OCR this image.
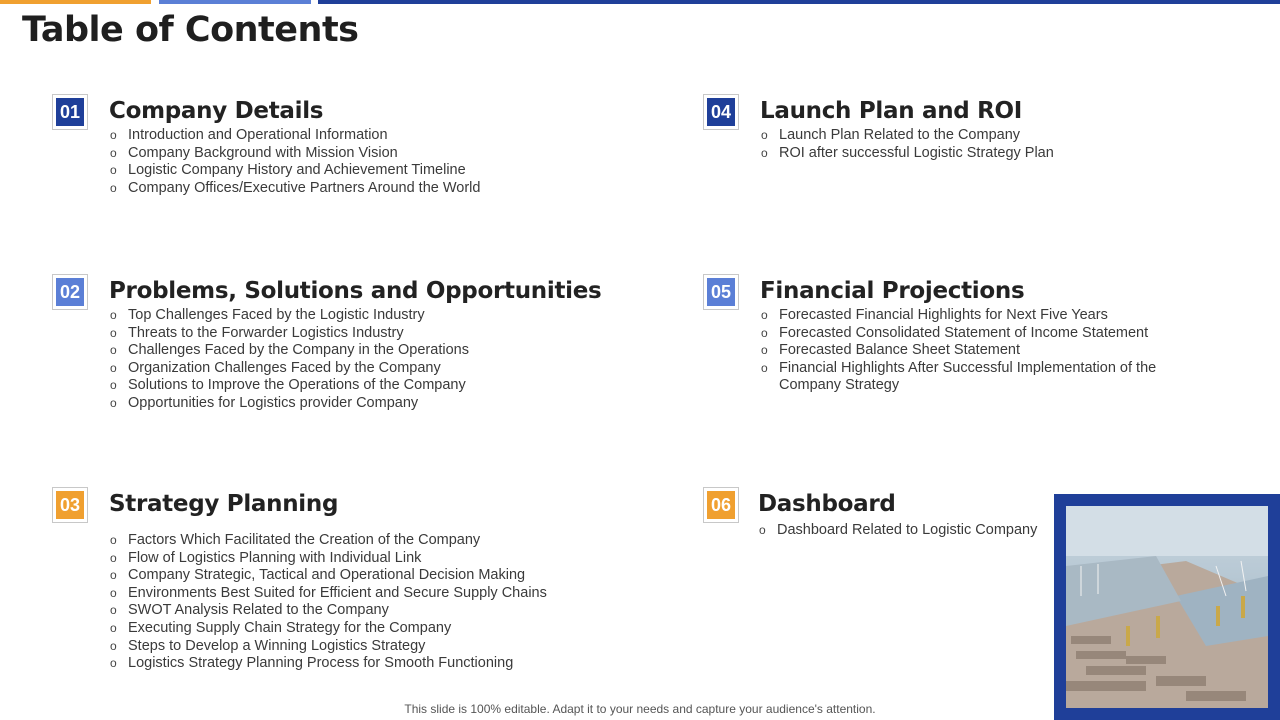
Table of Contents
01 Company Details
o Introduction and Operational Information
o Company Background with Mission Vision
o Logistic Company History and Achievement Timeline
o Company Offices/Executive Partners Around the World
02 Problems, Solutions and Opportunities
o Top Challenges Faced by the Logistic Industry
o Threats to the Forwarder Logistics Industry
o Challenges Faced by the Company in the Operations
o Organization Challenges Faced by the Company
o Solutions to Improve the Operations of the Company
o Opportunities for Logistics provider Company
03 Strategy Planning
o Factors Which Facilitated the Creation of the Company
o Flow of Logistics Planning with Individual Link
o Company Strategic, Tactical and Operational Decision Making
o Environments Best Suited for Efficient and Secure Supply Chains
o SWOT Analysis Related to the Company
o Executing Supply Chain Strategy for the Company
o Steps to Develop a Winning Logistics Strategy
o Logistics Strategy Planning Process for Smooth Functioning
04 Launch Plan and ROI
o Launch Plan Related to the Company
o ROI after successful Logistic Strategy Plan
05 Financial Projections
o Forecasted Financial Highlights for Next Five Years
o Forecasted Consolidated Statement of Income Statement
o Forecasted Balance Sheet Statement
o Financial Highlights After Successful Implementation of the Company Strategy
06 Dashboard
o Dashboard Related to Logistic Company
This slide is 100% editable. Adapt it to your needs and capture your audience's attention.
